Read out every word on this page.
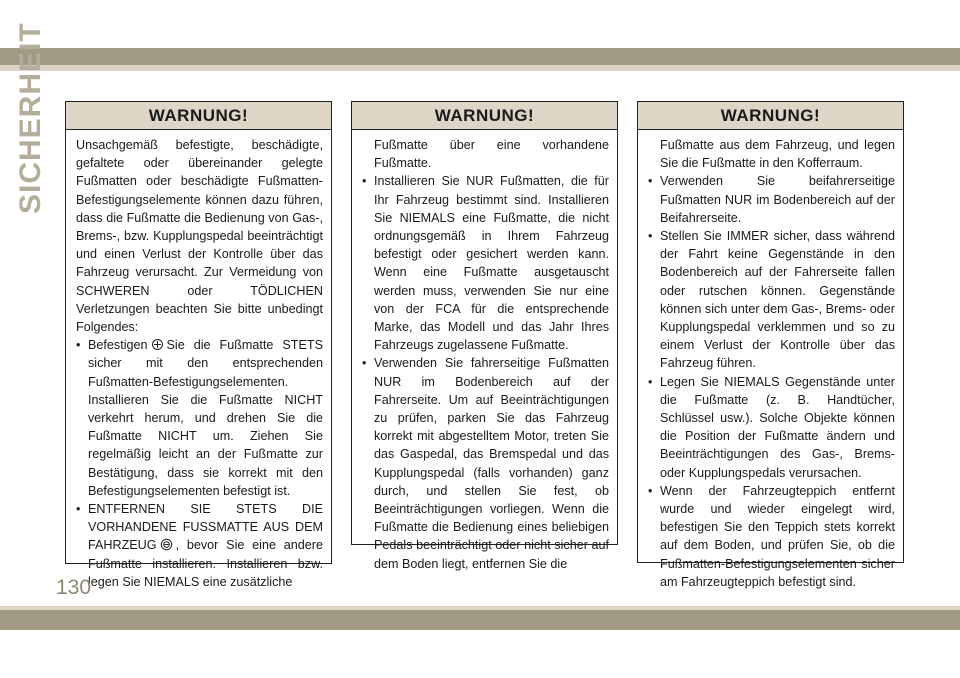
SICHERHEIT	WARNUNG!

Unsachgemäß befestigte, beschädigte, gefaltete oder übereinander gelegte Fußmatten oder beschädigte Fußmatten-Befestigungselemente können dazu führen, dass die Fußmatte die Bedienung von Gas-, Brems-, bzw. Kupplungspedal beeinträchtigt und einen Verlust der Kontrolle über das Fahrzeug verursacht. Zur Vermeidung von SCHWEREN oder TÖDLICHEN Verletzungen beachten Sie bitte unbedingt Folgendes:

• Befestigen Sie die Fußmatte STETS sicher mit den entsprechenden Fußmatten-Befestigungselementen. Installieren Sie die Fußmatte NICHT verkehrt herum, und drehen Sie die Fußmatte NICHT um. Ziehen Sie regelmäßig leicht an der Fußmatte zur Bestätigung, dass sie korrekt mit den Befestigungselementen befestigt ist.
• ENTFERNEN SIE STETS DIE VORHANDENE FUSSMATTE AUS DEM FAHRZEUG , bevor Sie eine andere Fußmatte installieren. Installieren bzw. legen Sie NIEMALS eine zusätzliche
WARNUNG!

Fußmatte über eine vorhandene Fußmatte.

• Installieren Sie NUR Fußmatten, die für Ihr Fahrzeug bestimmt sind. Installieren Sie NIEMALS eine Fußmatte, die nicht ordnungsgemäß in Ihrem Fahrzeug befestigt oder gesichert werden kann. Wenn eine Fußmatte ausgetauscht werden muss, verwenden Sie nur eine von der FCA für die entsprechende Marke, das Modell und das Jahr Ihres Fahrzeugs zugelassene Fußmatte.
• Verwenden Sie fahrerseitige Fußmatten NUR im Bodenbereich auf der Fahrerseite. Um auf Beeinträchtigungen zu prüfen, parken Sie das Fahrzeug korrekt mit abgestelltem Motor, treten Sie das Gaspedal, das Bremspedal und das Kupplungspedal (falls vorhanden) ganz durch, und stellen Sie fest, ob Beeinträchtigungen vorliegen. Wenn die Fußmatte die Bedienung eines beliebigen Pedals beeinträchtigt oder nicht sicher auf dem Boden liegt, entfernen Sie die
WARNUNG!

Fußmatte aus dem Fahrzeug, und legen Sie die Fußmatte in den Kofferraum.

• Verwenden Sie beifahrerseitige Fußmatten NUR im Bodenbereich auf der Beifahrerseite.
• Stellen Sie IMMER sicher, dass während der Fahrt keine Gegenstände in den Bodenbereich auf der Fahrerseite fallen oder rutschen können. Gegenstände können sich unter dem Gas-, Brems- oder Kupplungspedal verklemmen und so zu einem Verlust der Kontrolle über das Fahrzeug führen.
• Legen Sie NIEMALS Gegenstände unter die Fußmatte (z. B. Handtücher, Schlüssel usw.). Solche Objekte können die Position der Fußmatte ändern und Beeinträchtigungen des Gas-, Brems- oder Kupplungspedals verursachen.
• Wenn der Fahrzeugteppich entfernt wurde und wieder eingelegt wird, befestigen Sie den Teppich stets korrekt auf dem Boden, und prüfen Sie, ob die Fußmatten-Befestigungselementen sicher am Fahrzeugteppich befestigt sind.
130
